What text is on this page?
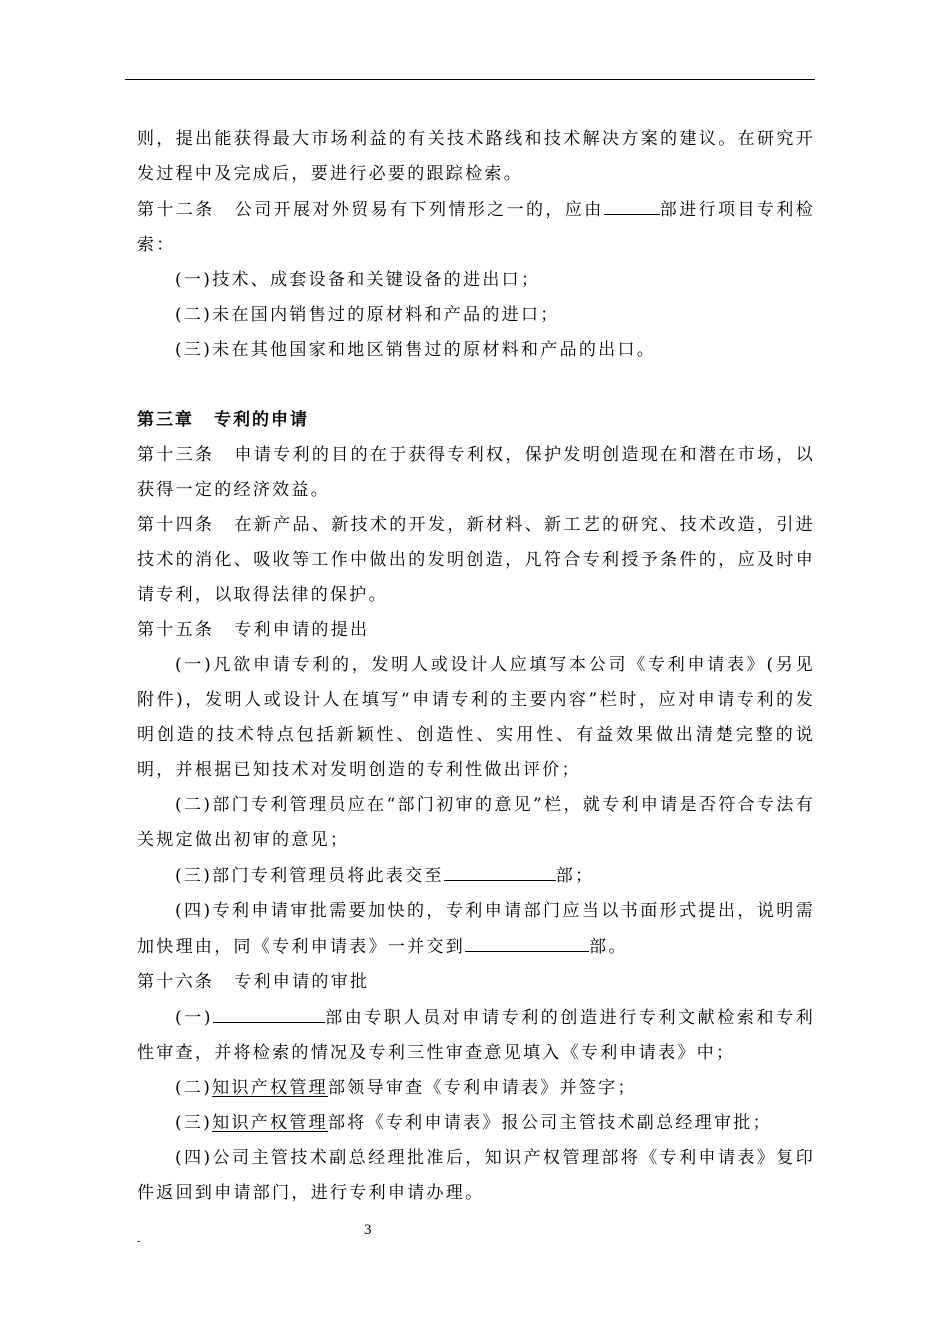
则，提出能获得最大市场利益的有关技术路线和技术解决方案的建议。在研究开发过程中及完成后，要进行必要的跟踪检索。

第十二条 公司开展对外贸易有下列情形之一的，应由	部进行项目专利检索：

(一)技术、成套设备和关键设备的进出口；

(二)未在国内销售过的原材料和产品的进口；

(三)未在其他国家和地区销售过的原材料和产品的出口。

第三章 专利的申请

第十三条 申请专利的目的在于获得专利权，保护发明创造现在和潜在市场，以获得一定的经济效益。

第十四条 在新产品、新技术的开发，新材料、新工艺的研究、技术改造，引进技术的消化、吸收等工作中做出的发明创造，凡符合专利授予条件的，应及时申请专利，以取得法律的保护。

第十五条 专利申请的提出

(一)凡欲申请专利的，发明人或设计人应填写本公司《专利申请表》(另见附件)，发明人或设计人在填写“申请专利的主要内容”栏时，应对申请专利的发明创造的技术特点包括新颖性、创造性、实用性、有益效果做出清楚完整的说明，并根据已知技术对发明创造的专利性做出评价；

(二)部门专利管理员应在“部门初审的意见”栏，就专利申请是否符合专法有关规定做出初审的意见；

(三)部门专利管理员将此表交至	部；

(四)专利申请审批需要加快的，专利申请部门应当以书面形式提出，说明需加快理由，同《专利申请表》一并交到	部。

第十六条 专利申请的审批

(一)	部由专职人员对申请专利的创造进行专利文献检索和专利性审查，并将检索的情况及专利三性审查意见填入《专利申请表》中；

(二)知识产权管理部领导审查《专利申请表》并签字；

(三)知识产权管理部将《专利申请表》报公司主管技术副总经理审批；

(四)公司主管技术副总经理批准后，知识产权管理部将《专利申请表》复印件返回到申请部门，进行专利申请办理。

-
3
